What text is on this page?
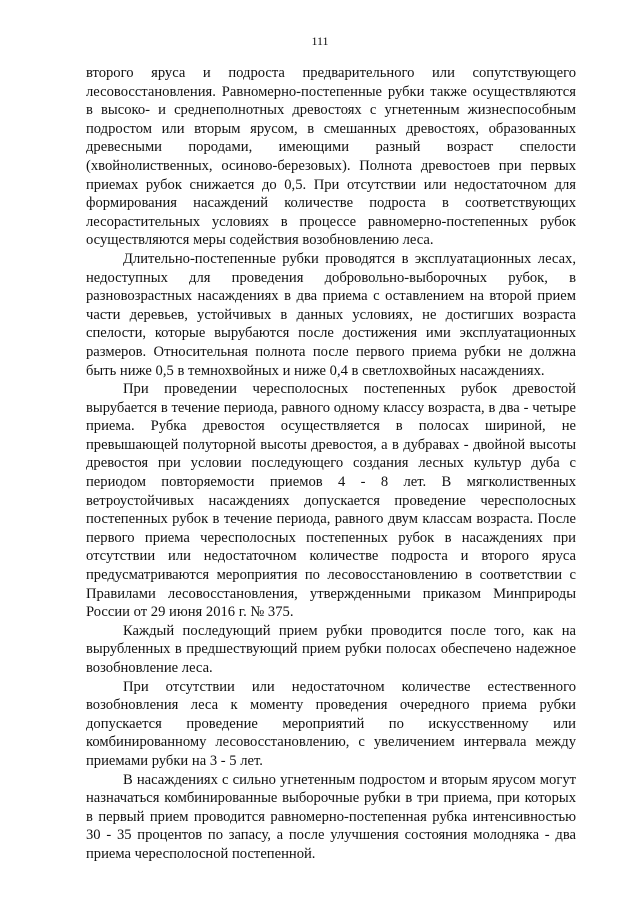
111

второго яруса и подроста предварительного или сопутствующего лесовосстановления. Равномерно-постепенные рубки также осуществляются в высоко- и среднеполнотных древостоях с угнетенным жизнеспособным подростом или вторым ярусом, в смешанных древостоях, образованных древесными породами, имеющими разный возраст спелости (хвойнолиственных, осиново-березовых). Полнота древостоев при первых приемах рубок снижается до 0,5. При отсутствии или недостаточном для формирования насаждений количестве подроста в соответствующих лесорастительных условиях в процессе равномерно-постепенных рубок осуществляются меры содействия возобновлению леса.

Длительно-постепенные рубки проводятся в эксплуатационных лесах, недоступных для проведения добровольно-выборочных рубок, в разновозрастных насаждениях в два приема с оставлением на второй прием части деревьев, устойчивых в данных условиях, не достигших возраста спелости, которые вырубаются после достижения ими эксплуатационных размеров. Относительная полнота после первого приема рубки не должна быть ниже 0,5 в темнохвойных и ниже 0,4 в светлохвойных насаждениях.

При проведении чересполосных постепенных рубок древостой вырубается в течение периода, равного одному классу возраста, в два - четыре приема. Рубка древостоя осуществляется в полосах шириной, не превышающей полуторной высоты древостоя, а в дубравах - двойной высоты древостоя при условии последующего создания лесных культур дуба с периодом повторяемости приемов 4 - 8 лет. В мягколиственных ветроустойчивых насаждениях допускается проведение чересполосных постепенных рубок в течение периода, равного двум классам возраста. После первого приема чересполосных постепенных рубок в насаждениях при отсутствии или недостаточном количестве подроста и второго яруса предусматриваются мероприятия по лесовосстановлению в соответствии с Правилами лесовосстановления, утвержденными приказом Минприроды России от 29 июня 2016 г. № 375.

Каждый последующий прием рубки проводится после того, как на вырубленных в предшествующий прием рубки полосах обеспечено надежное возобновление леса.

При отсутствии или недостаточном количестве естественного возобновления леса к моменту проведения очередного приема рубки допускается проведение мероприятий по искусственному или комбинированному лесовосстановлению, с увеличением интервала между приемами рубки на 3 - 5 лет.

В насаждениях с сильно угнетенным подростом и вторым ярусом могут назначаться комбинированные выборочные рубки в три приема, при которых в первый прием проводится равномерно-постепенная рубка интенсивностью 30 - 35 процентов по запасу, а после улучшения состояния молодняка - два приема чересполосной постепенной.
